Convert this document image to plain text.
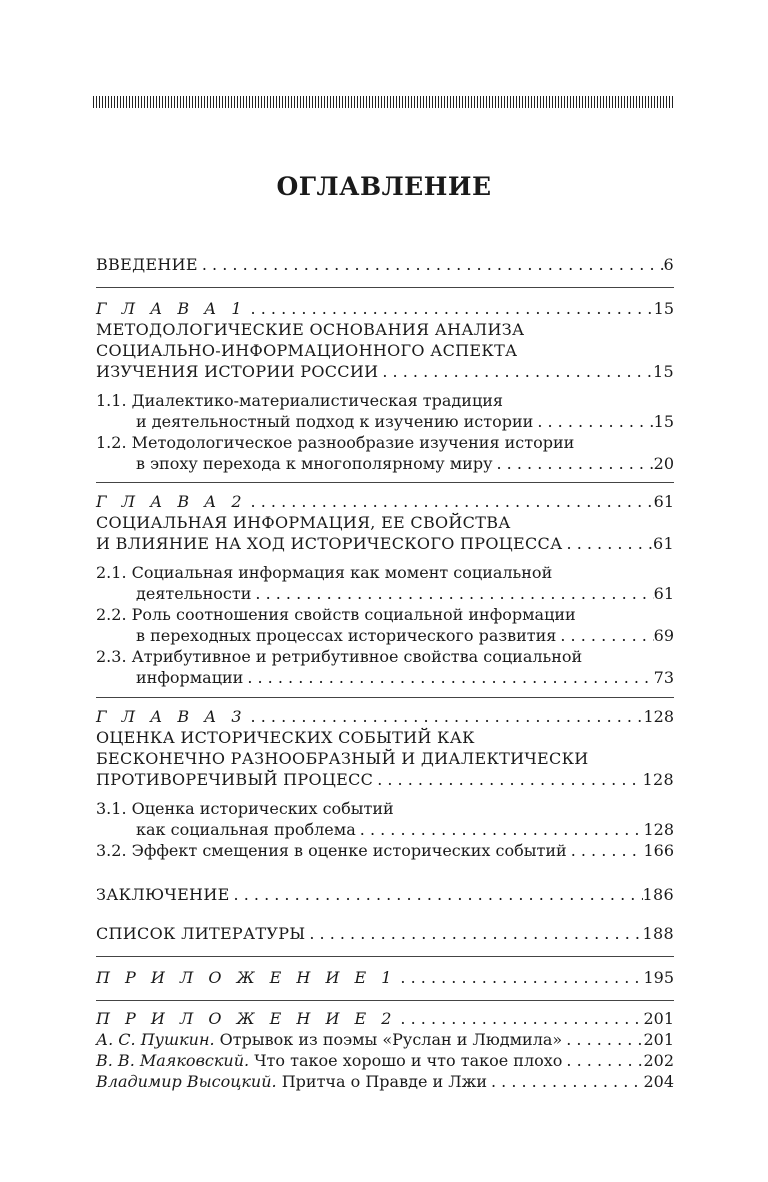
ОГЛАВЛЕНИЕ
ВВЕДЕНИЕ . . .	6
Г Л А В А 1 . . .	15
МЕТОДОЛОГИЧЕСКИЕ ОСНОВАНИЯ АНАЛИЗА
СОЦИАЛЬНО-ИНФОРМАЦИОННОГО АСПЕКТА
ИЗУЧЕНИЯ ИСТОРИИ РОССИИ . . .	15
1.1. Диалектико-материалистическая традиция
и деятельностный подход к изучению истории . . .	15
1.2. Методологическое разнообразие изучения истории
в эпоху перехода к многополярному миру . . .	20
Г Л А В А 2 . . .	61
СОЦИАЛЬНАЯ ИНФОРМАЦИЯ, ЕЕ СВОЙСТВА
И ВЛИЯНИЕ НА ХОД ИСТОРИЧЕСКОГО ПРОЦЕССА . . .	61
2.1. Социальная информация как момент социальной
деятельности . . .	61
2.2. Роль соотношения свойств социальной информации
в переходных процессах исторического развития . . .	69
2.3. Атрибутивное и ретрибутивное свойства социальной
информации . . .	73
Г Л А В А 3 . . .	128
ОЦЕНКА ИСТОРИЧЕСКИХ СОБЫТИЙ КАК
БЕСКОНЕЧНО РАЗНООБРАЗНЫЙ И ДИАЛЕКТИЧЕСКИ
ПРОТИВОРЕЧИВЫЙ ПРОЦЕСС . . .	128
3.1. Оценка исторических событий
как социальная проблема . . .	128
3.2. Эффект смещения в оценке исторических событий . . .	166
ЗАКЛЮЧЕНИЕ . . .	186
СПИСОК ЛИТЕРАТУРЫ . . .	188
П Р И Л О Ж Е Н И Е 1 . . .	195
П Р И Л О Ж Е Н И Е 2 . . .	201
А. С. Пушкин. Отрывок из поэмы «Руслан и Людмила» . . .	201
В. В. Маяковский. Что такое хорошо и что такое плохо . . .	202
Владимир Высоцкий. Притча о Правде и Лжи . . .	204
